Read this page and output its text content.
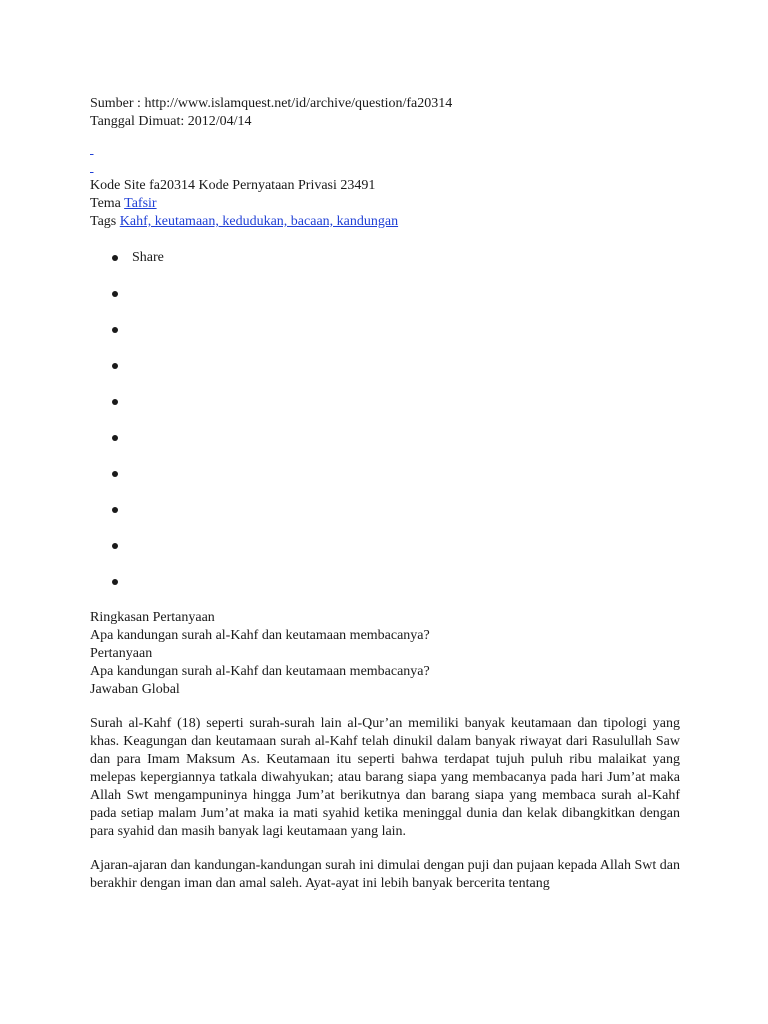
Sumber : http://www.islamquest.net/id/archive/question/fa20314
Tanggal Dimuat: 2012/04/14

Kode Site fa20314 Kode Pernyataan Privasi 23491
Tema Tafsir
Tags Kahf, keutamaan, kedudukan, bacaan, kandungan
Share
Ringkasan Pertanyaan
Apa kandungan surah al-Kahf dan keutamaan membacanya?
Pertanyaan
Apa kandungan surah al-Kahf dan keutamaan membacanya?
Jawaban Global

Surah al-Kahf (18) seperti surah-surah lain al-Qur’an memiliki banyak keutamaan dan tipologi yang khas. Keagungan dan keutamaan surah al-Kahf telah dinukil dalam banyak riwayat dari Rasulullah Saw dan para Imam Maksum As. Keutamaan itu seperti bahwa terdapat tujuh puluh ribu malaikat yang melepas kepergiannya tatkala diwahyukan; atau barang siapa yang membacanya pada hari Jum’at maka Allah Swt mengampuninya hingga Jum’at berikutnya dan barang siapa yang membaca surah al-Kahf pada setiap malam Jum’at maka ia mati syahid ketika meninggal dunia dan kelak dibangkitkan dengan para syahid dan masih banyak lagi keutamaan yang lain.

Ajaran-ajaran dan kandungan-kandungan surah ini dimulai dengan puji dan pujaan kepada Allah Swt dan berakhir dengan iman dan amal saleh. Ayat-ayat ini lebih banyak bercerita tentang
